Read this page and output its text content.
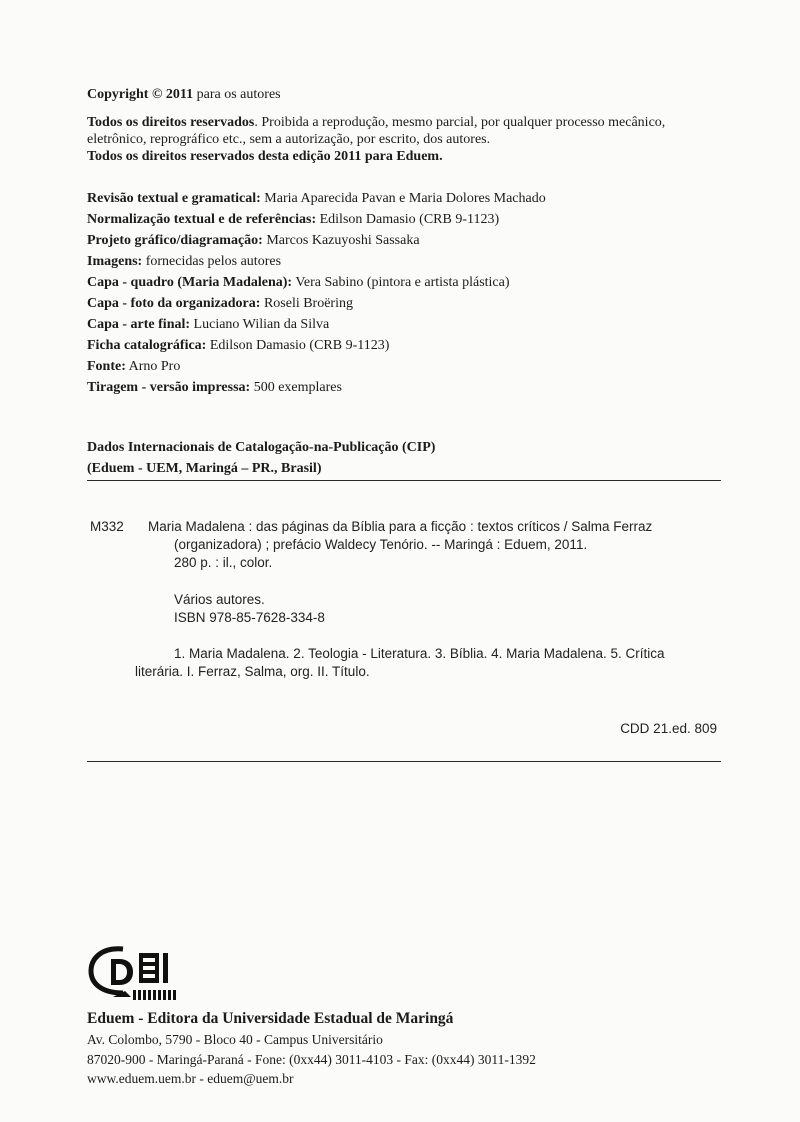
Copyright © 2011 para os autores
Todos os direitos reservados. Proibida a reprodução, mesmo parcial, por qualquer processo mecânico,
eletrônico, reprográfico etc., sem a autorização, por escrito, dos autores.
Todos os direitos reservados desta edição 2011 para Eduem.
Revisão textual e gramatical: Maria Aparecida Pavan e Maria Dolores Machado
Normalização textual e de referências: Edilson Damasio (CRB 9-1123)
Projeto gráfico/diagramação: Marcos Kazuyoshi Sassaka
Imagens: fornecidas pelos autores
Capa - quadro (Maria Madalena): Vera Sabino (pintora e artista plástica)
Capa - foto da organizadora: Roseli Broëring
Capa - arte final: Luciano Wilian da Silva
Ficha catalográfica: Edilson Damasio (CRB 9-1123)
Fonte: Arno Pro
Tiragem - versão impressa: 500 exemplares
Dados Internacionais de Catalogação-na-Publicação (CIP)
(Eduem - UEM, Maringá – PR., Brasil)
M332 Maria Madalena : das páginas da Bíblia para a ficção : textos críticos / Salma Ferraz
(organizadora) ; prefácio Waldecy Tenório. -- Maringá : Eduem, 2011.
280 p. : il., color.
Vários autores.
ISBN 978-85-7628-334-8
1. Maria Madalena. 2. Teologia - Literatura. 3. Bíblia. 4. Maria Madalena. 5. Crítica
literária. I. Ferraz, Salma, org. II. Título.
CDD 21.ed. 809
Eduem - Editora da Universidade Estadual de Maringá
Av. Colombo, 5790 - Bloco 40 - Campus Universitário
87020-900 - Maringá-Paraná - Fone: (0xx44) 3011-4103 - Fax: (0xx44) 3011-1392
www.eduem.uem.br - eduem@uem.br
